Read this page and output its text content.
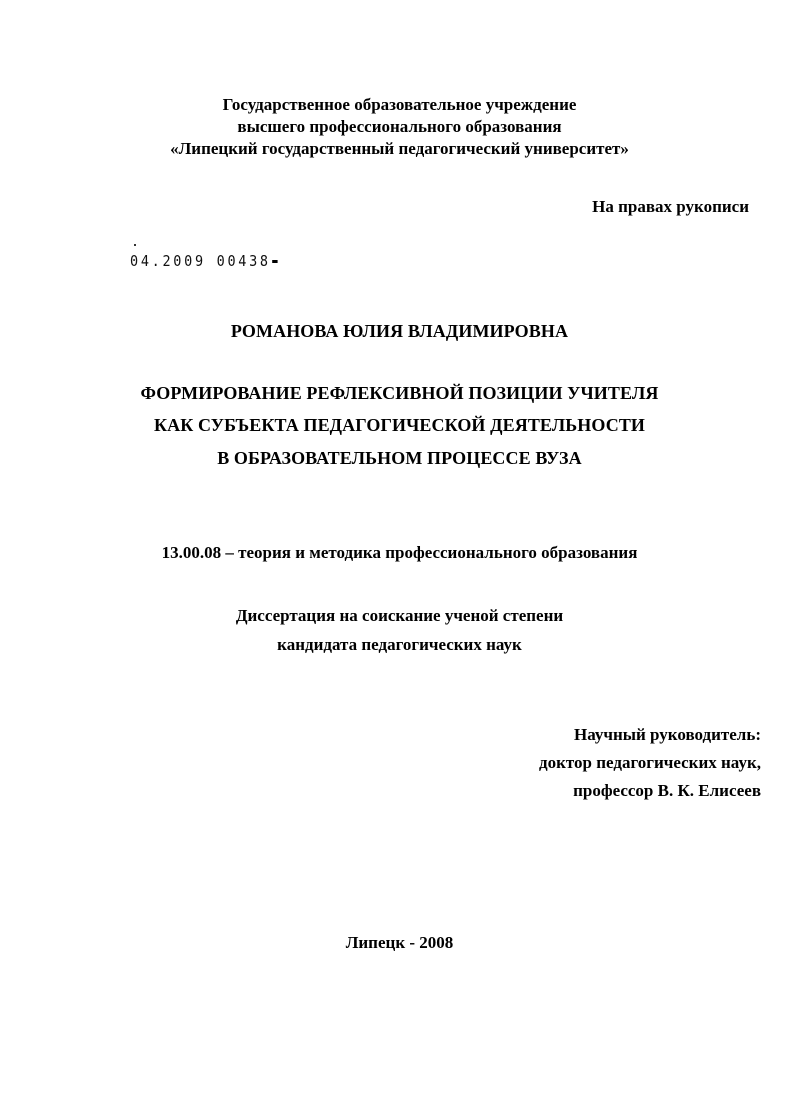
Государственное образовательное учреждение
высшего профессионального образования
«Липецкий государственный педагогический университет»
На правах рукописи
04.2009 00438
РОМАНОВА ЮЛИЯ ВЛАДИМИРОВНА
ФОРМИРОВАНИЕ РЕФЛЕКСИВНОЙ ПОЗИЦИИ УЧИТЕЛЯ
КАК СУБЪЕКТА ПЕДАГОГИЧЕСКОЙ ДЕЯТЕЛЬНОСТИ
В ОБРАЗОВАТЕЛЬНОМ ПРОЦЕССЕ ВУЗА
13.00.08 – теория и методика профессионального образования
Диссертация на соискание ученой степени
кандидата педагогических наук
Научный руководитель:
доктор педагогических наук,
профессор В. К. Елисеев
Липецк - 2008
